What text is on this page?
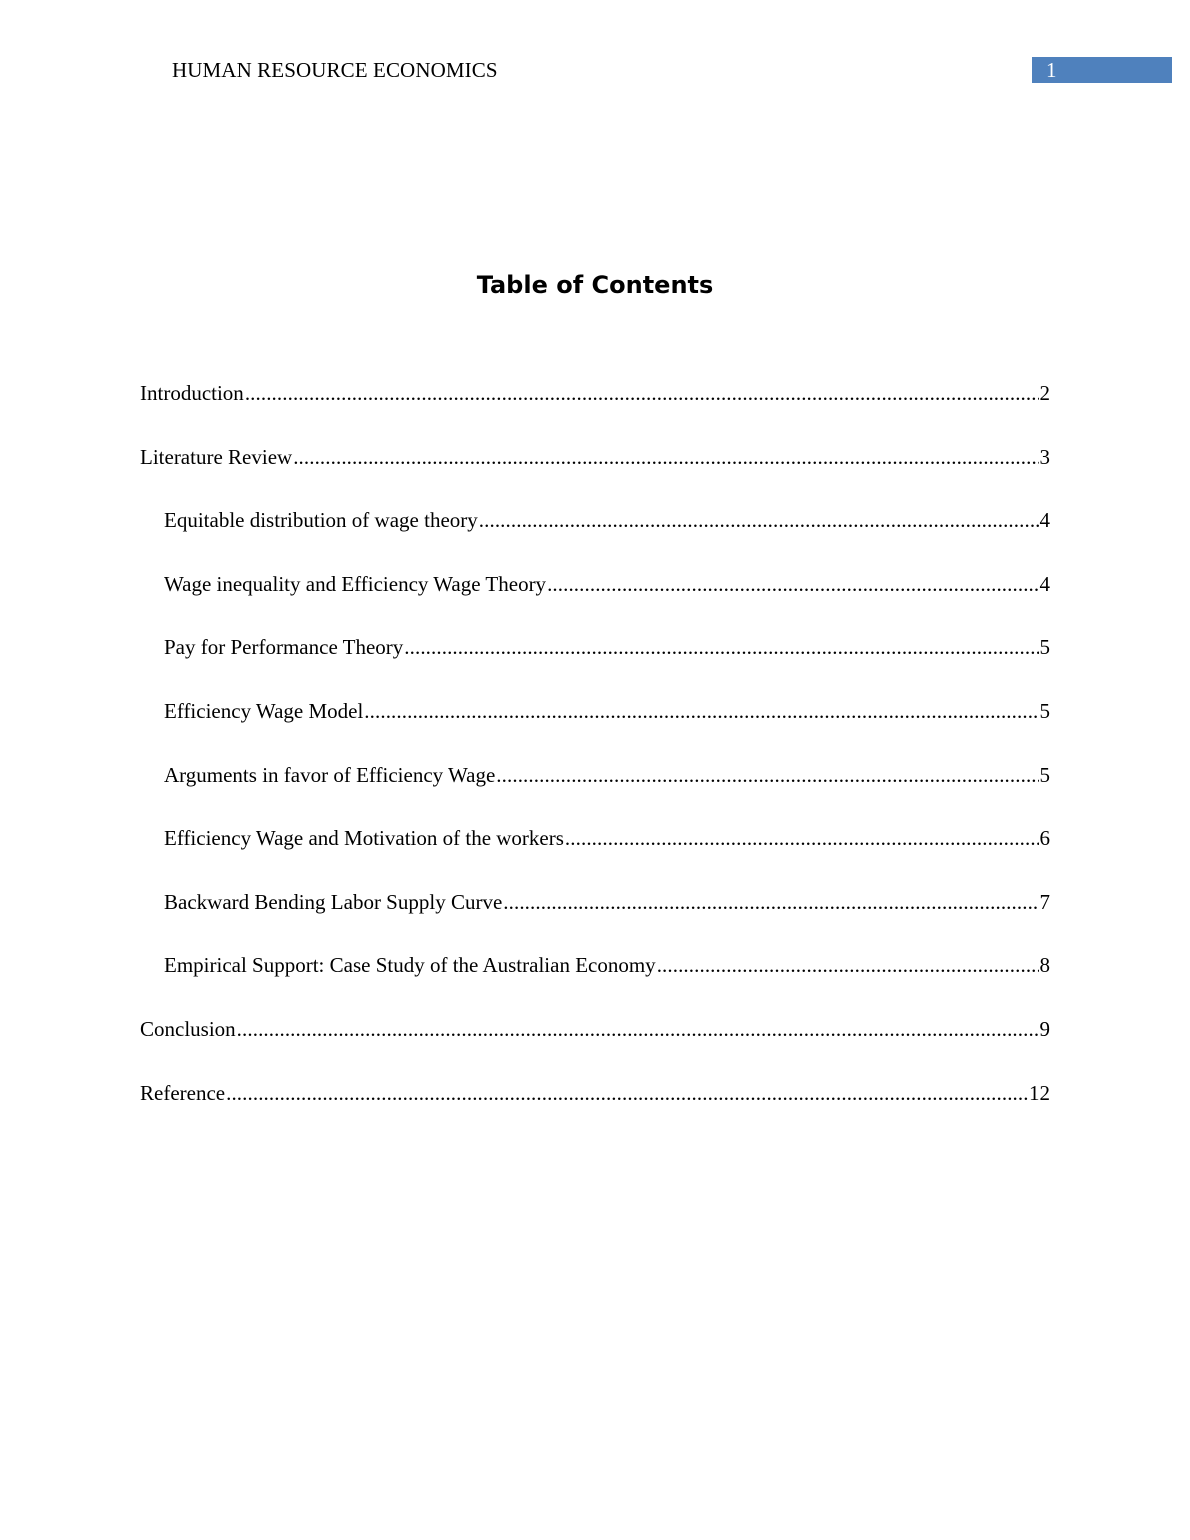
HUMAN RESOURCE ECONOMICS	1
Table of Contents
Introduction .....	2
Literature Review .....	3
Equitable distribution of wage theory .....	4
Wage inequality and Efficiency Wage Theory .....	4
Pay for Performance Theory .....	5
Efficiency Wage Model .....	5
Arguments in favor of Efficiency Wage .....	5
Efficiency Wage and Motivation of the workers .....	6
Backward Bending Labor Supply Curve .....	7
Empirical Support: Case Study of the Australian Economy .....	8
Conclusion .....	9
Reference .....	12
